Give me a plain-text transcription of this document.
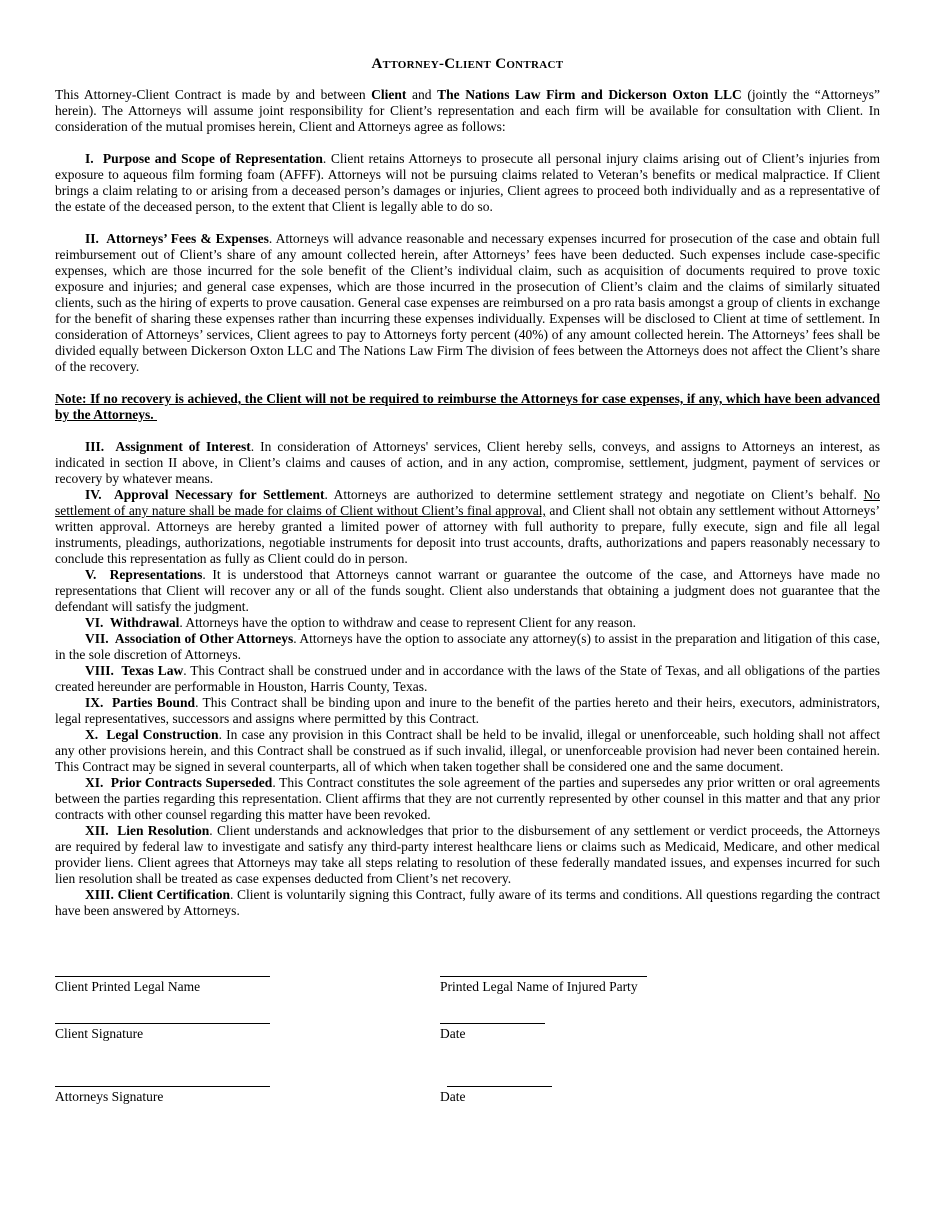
Attorney-Client Contract

This Attorney-Client Contract is made by and between Client and The Nations Law Firm and Dickerson Oxton LLC (jointly the “Attorneys” herein). The Attorneys will assume joint responsibility for Client’s representation and each firm will be available for consultation with Client. In consideration of the mutual promises herein, Client and Attorneys agree as follows:

I.  Purpose and Scope of Representation. Client retains Attorneys to prosecute all personal injury claims arising out of Client’s injuries from exposure to aqueous film forming foam (AFFF). Attorneys will not be pursuing claims related to Veteran’s benefits or medical malpractice. If Client brings a claim relating to or arising from a deceased person’s damages or injuries, Client agrees to proceed both individually and as a representative of the estate of the deceased person, to the extent that Client is legally able to do so.

II.  Attorneys’ Fees & Expenses. Attorneys will advance reasonable and necessary expenses incurred for prosecution of the case and obtain full reimbursement out of Client’s share of any amount collected herein, after Attorneys’ fees have been deducted. Such expenses include case-specific expenses, which are those incurred for the sole benefit of the Client’s individual claim, such as acquisition of documents required to prove toxic exposure and injuries; and general case expenses, which are those incurred in the prosecution of Client’s claim and the claims of similarly situated clients, such as the hiring of experts to prove causation. General case expenses are reimbursed on a pro rata basis amongst a group of clients in exchange for the benefit of sharing these expenses rather than incurring these expenses individually. Expenses will be disclosed to Client at time of settlement. In consideration of Attorneys’ services, Client agrees to pay to Attorneys forty percent (40%) of any amount collected herein. The Attorneys’ fees shall be divided equally between Dickerson Oxton LLC and The Nations Law Firm The division of fees between the Attorneys does not affect the Client’s share of the recovery.

Note: If no recovery is achieved, the Client will not be required to reimburse the Attorneys for case expenses, if any, which have been advanced by the Attorneys.

III.  Assignment of Interest. In consideration of Attorneys' services, Client hereby sells, conveys, and assigns to Attorneys an interest, as indicated in section II above, in Client’s claims and causes of action, and in any action, compromise, settlement, judgment, payment of services or recovery by whatever means.

IV.  Approval Necessary for Settlement. Attorneys are authorized to determine settlement strategy and negotiate on Client’s behalf. No settlement of any nature shall be made for claims of Client without Client’s final approval, and Client shall not obtain any settlement without Attorneys’ written approval. Attorneys are hereby granted a limited power of attorney with full authority to prepare, fully execute, sign and file all legal instruments, pleadings, authorizations, negotiable instruments for deposit into trust accounts, drafts, authorizations and papers reasonably necessary to conclude this representation as fully as Client could do in person.

V.  Representations. It is understood that Attorneys cannot warrant or guarantee the outcome of the case, and Attorneys have made no representations that Client will recover any or all of the funds sought. Client also understands that obtaining a judgment does not guarantee that the defendant will satisfy the judgment.

VI.  Withdrawal. Attorneys have the option to withdraw and cease to represent Client for any reason.

VII.  Association of Other Attorneys. Attorneys have the option to associate any attorney(s) to assist in the preparation and litigation of this case, in the sole discretion of Attorneys.

VIII.  Texas Law. This Contract shall be construed under and in accordance with the laws of the State of Texas, and all obligations of the parties created hereunder are performable in Houston, Harris County, Texas.

IX.  Parties Bound. This Contract shall be binding upon and inure to the benefit of the parties hereto and their heirs, executors, administrators, legal representatives, successors and assigns where permitted by this Contract.

X.  Legal Construction. In case any provision in this Contract shall be held to be invalid, illegal or unenforceable, such holding shall not affect any other provisions herein, and this Contract shall be construed as if such invalid, illegal, or unenforceable provision had never been contained herein. This Contract may be signed in several counterparts, all of which when taken together shall be considered one and the same document.

XI.  Prior Contracts Superseded. This Contract constitutes the sole agreement of the parties and supersedes any prior written or oral agreements between the parties regarding this representation. Client affirms that they are not currently represented by other counsel in this matter and that any prior contracts with other counsel regarding this matter have been revoked.

XII.  Lien Resolution. Client understands and acknowledges that prior to the disbursement of any settlement or verdict proceeds, the Attorneys are required by federal law to investigate and satisfy any third-party interest healthcare liens or claims such as Medicaid, Medicare, and other medical provider liens. Client agrees that Attorneys may take all steps relating to resolution of these federally mandated issues, and expenses incurred for such lien resolution shall be treated as case expenses deducted from Client’s net recovery.

XIII. Client Certification. Client is voluntarily signing this Contract, fully aware of its terms and conditions. All questions regarding the contract have been answered by Attorneys.

Client Printed Legal Name	Printed Legal Name of Injured Party
Client Signature	Date
Attorneys Signature	Date
